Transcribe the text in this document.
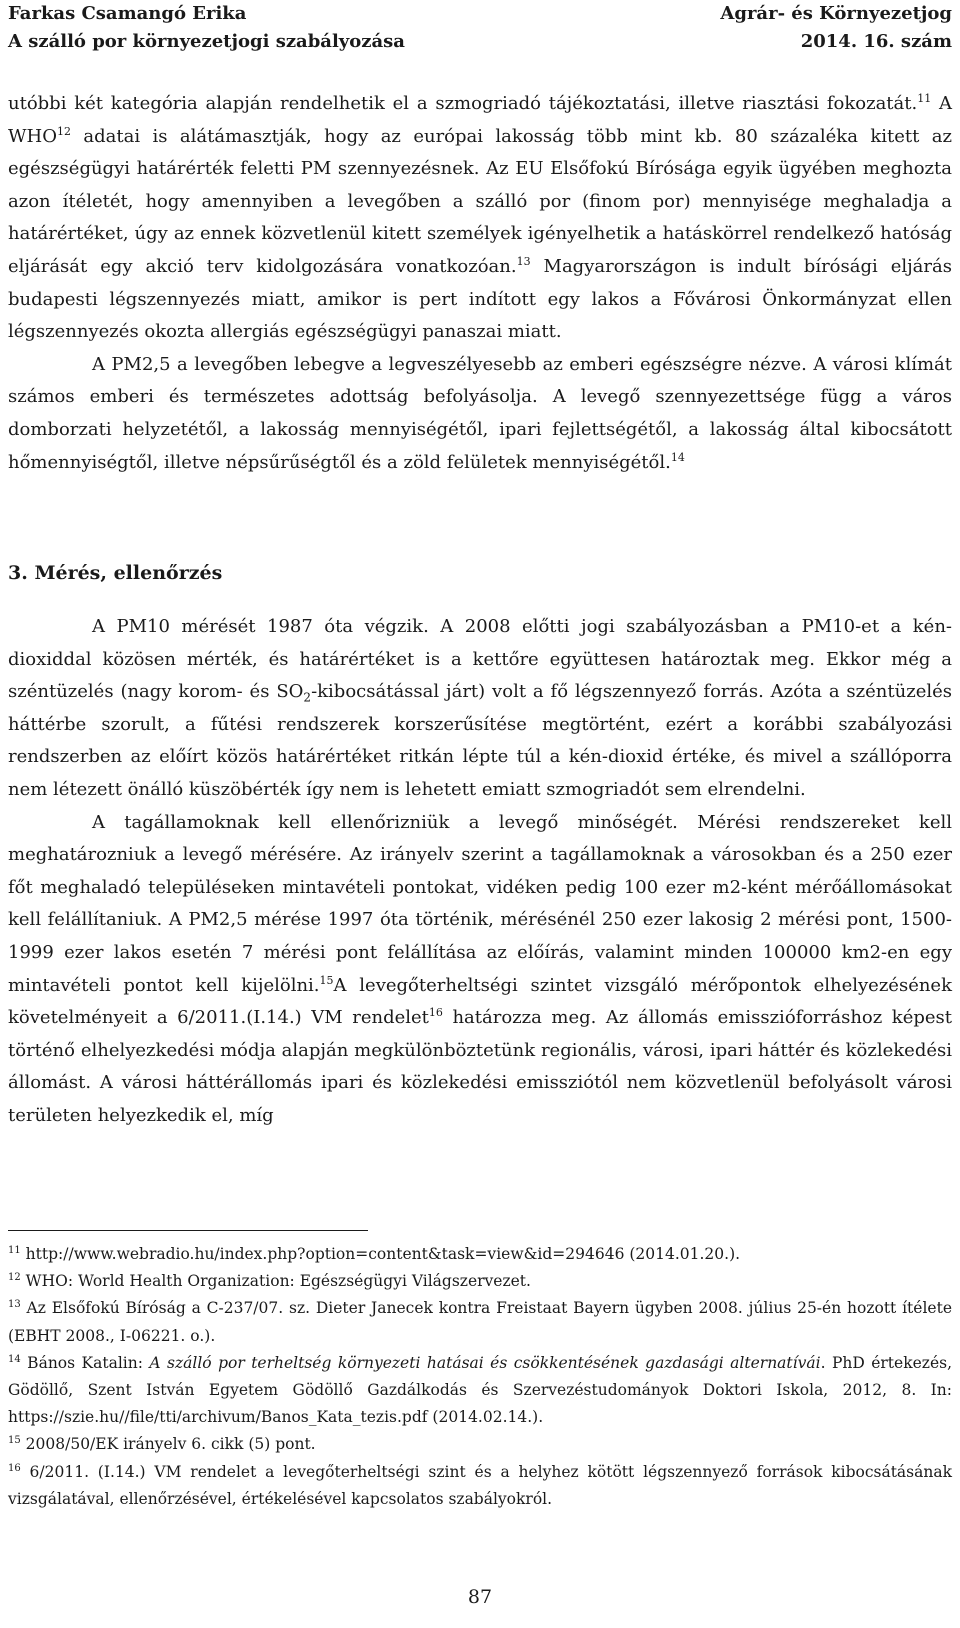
Farkas Csamangó Erika
A szálló por környezetjogi szabályozása
Agrár- és Környezetjog
2014. 16. szám

utóbbi két kategória alapján rendelhetik el a szmogriadó tájékoztatási, illetve riasztási fokozatát.$^{11}$ A WHO$^{12}$ adatai is alátámasztják, hogy az európai lakosság több mint kb. 80 százaléka kitett az egészségügyi határérték feletti PM szennyezésnek. Az EU Elsőfokú Bírósága egyik ügyében meghozta azon ítéletét, hogy amennyiben a levegőben a szálló por (finom por) mennyisége meghaladja a határértéket, úgy az ennek közvetlenül kitett személyek igényelhetik a hatáskörrel rendelkező hatóság eljárását egy akció terv kidolgozására vonatkozóan.$^{13}$ Magyarországon is indult bírósági eljárás budapesti légszennyezés miatt, amikor is pert indított egy lakos a Fővárosi Önkormányzat ellen légszennyezés okozta allergiás egészségügyi panaszai miatt.

A PM2,5 a levegőben lebegve a legveszélyesebb az emberi egészségre nézve. A városi klímát számos emberi és természetes adottság befolyásolja. A levegő szennyezettsége függ a város domborzati helyzetétől, a lakosság mennyiségétől, ipari fejlettségétől, a lakosság által kibocsátott hőmennyiségtől, illetve népsűrűségtől és a zöld felületek mennyiségétől.$^{14}$

3. Mérés, ellenőrzés

A PM10 mérését 1987 óta végzik. A 2008 előtti jogi szabályozásban a PM10-et a kén-dioxiddal közösen mérték, és határértéket is a kettőre együttesen határoztak meg. Ekkor még a széntüzelés (nagy korom- és $SO_2$-kibocsátással járt) volt a fő légszennyező forrás. Azóta a széntüzelés háttérbe szorult, a fűtési rendszerek korszerűsítése megtörtént, ezért a korábbi szabályozási rendszerben az előírt közös határértéket ritkán lépte túl a kén-dioxid értéke, és mivel a szállóporra nem létezett önálló küszöbérték így nem is lehetett emiatt szmogriadót sem elrendelni.

A tagállamoknak kell ellenőrizniük a levegő minőségét. Mérési rendszereket kell meghatározniuk a levegő mérésére. Az irányelv szerint a tagállamoknak a városokban és a 250 ezer főt meghaladó településeken mintavételi pontokat, vidéken pedig 100 ezer m2-ként mérőállomásokat kell felállítaniuk. A PM2,5 mérése 1997 óta történik, mérésénél 250 ezer lakosig 2 mérési pont, 1500-1999 ezer lakos esetén 7 mérési pont felállítása az előírás, valamint minden 100000 km2-en egy mintavételi pontot kell kijelölni.$^{15}$A levegőterheltségi szintet vizsgáló mérőpontok elhelyezésének követelményeit a 6/2011.(I.14.) VM rendelet$^{16}$ határozza meg. Az állomás emisszióforráshoz képest történő elhelyezkedési módja alapján megkülönböztetünk regionális, városi, ipari háttér és közlekedési állomást. A városi háttérállomás ipari és közlekedési emissziótól nem közvetlenül befolyásolt városi területen helyezkedik el, míg

$^{11}$ http://www.webradio.hu/index.php?option=content&task=view&id=294646 (2014.01.20.).

$^{12}$ WHO: World Health Organization: Egészségügyi Világszervezet.

$^{13}$ Az Elsőfokú Bíróság a C-237/07. sz. Dieter Janecek kontra Freistaat Bayern ügyben 2008. július 25-én hozott ítélete (EBHT 2008., I-06221. o.).

$^{14}$ Bános Katalin: A szálló por terheltség környezeti hatásai és csökkentésének gazdasági alternatívái. PhD értekezés, Gödöllő, Szent István Egyetem Gödöllő Gazdálkodás és Szervezéstudományok Doktori Iskola, 2012, 8. In: https://szie.hu//file/tti/archivum/Banos_Kata_tezis.pdf (2014.02.14.).

$^{15}$ 2008/50/EK irányelv 6. cikk (5) pont.

$^{16}$ 6/2011. (I.14.) VM rendelet a levegőterheltségi szint és a helyhez kötött légszennyező források kibocsátásának vizsgálatával, ellenőrzésével, értékelésével kapcsolatos szabályokról.

87
